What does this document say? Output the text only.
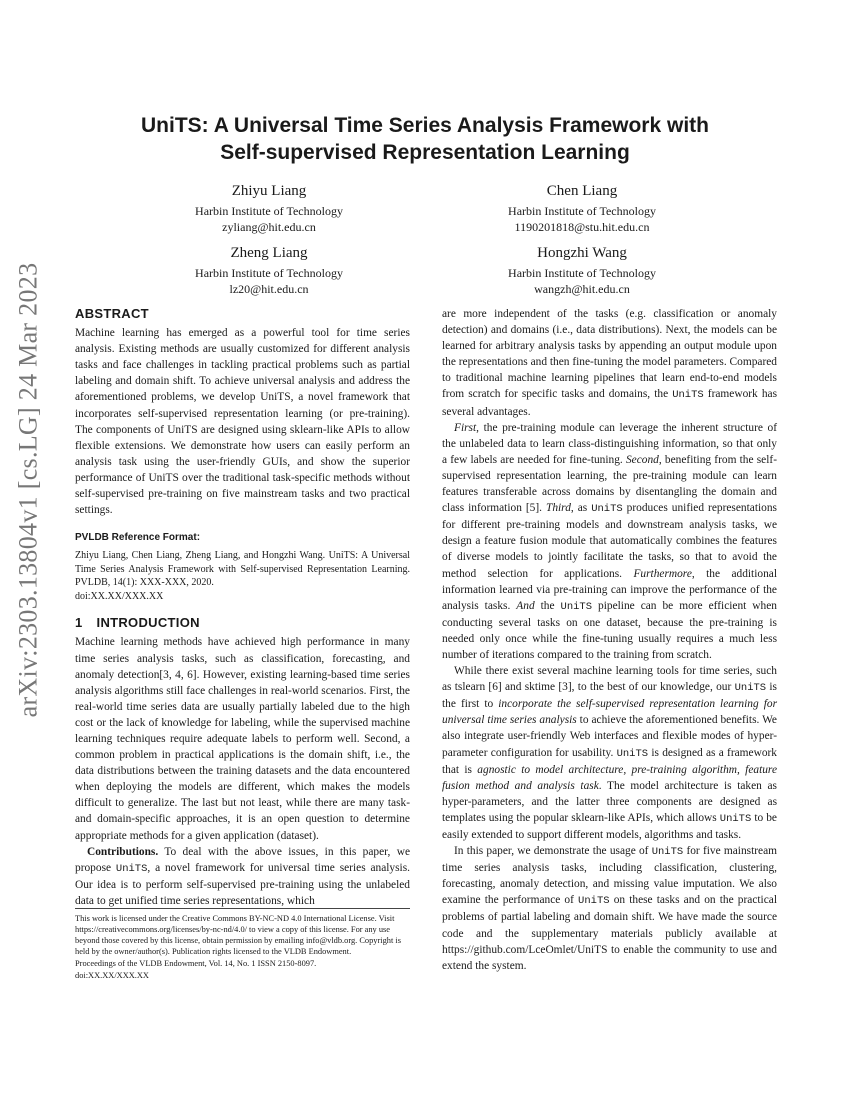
arXiv:2303.13804v1 [cs.LG] 24 Mar 2023
UniTS: A Universal Time Series Analysis Framework with
Self-supervised Representation Learning
Zhiyu Liang
Harbin Institute of Technology
zyliang@hit.edu.cn
Chen Liang
Harbin Institute of Technology
1190201818@stu.hit.edu.cn
Zheng Liang
Harbin Institute of Technology
lz20@hit.edu.cn
Hongzhi Wang
Harbin Institute of Technology
wangzh@hit.edu.cn
ABSTRACT

Machine learning has emerged as a powerful tool for time series analysis. Existing methods are usually customized for different analysis tasks and face challenges in tackling practical problems such as partial labeling and domain shift. To achieve universal analysis and address the aforementioned problems, we develop UniTS, a novel framework that incorporates self-supervised representation learning (or pre-training). The components of UniTS are designed using sklearn-like APIs to allow flexible extensions. We demonstrate how users can easily perform an analysis task using the user-friendly GUIs, and show the superior performance of UniTS over the traditional task-specific methods without self-supervised pre-training on five mainstream tasks and two practical settings.

PVLDB Reference Format:

Zhiyu Liang, Chen Liang, Zheng Liang, and Hongzhi Wang. UniTS: A Universal Time Series Analysis Framework with Self-supervised Representation Learning. PVLDB, 14(1): XXX-XXX, 2020.

doi:XX.XX/XXX.XX

1 INTRODUCTION

Machine learning methods have achieved high performance in many time series analysis tasks, such as classification, forecasting, and anomaly detection[3, 4, 6]. However, existing learning-based time series analysis algorithms still face challenges in real-world scenarios. First, the real-world time series data are usually partially labeled due to the high cost or the lack of knowledge for labeling, while the supervised machine learning techniques require adequate labels to perform well. Second, a common problem in practical applications is the domain shift, i.e., the data distributions between the training datasets and the data encountered when deploying the models are different, which makes the models difficult to generalize. The last but not least, while there are many task- and domain-specific approaches, it is an open question to determine appropriate methods for a given application (dataset).

Contributions. To deal with the above issues, in this paper, we propose UniTS, a novel framework for universal time series analysis. Our idea is to perform self-supervised pre-training using the unlabeled data to get unified time series representations, which

This work is licensed under the Creative Commons BY-NC-ND 4.0 International License. Visit https://creativecommons.org/licenses/by-nc-nd/4.0/ to view a copy of this license. For any use beyond those covered by this license, obtain permission by emailing info@vldb.org. Copyright is held by the owner/author(s). Publication rights licensed to the VLDB Endowment.

Proceedings of the VLDB Endowment, Vol. 14, No. 1 ISSN 2150-8097.

doi:XX.XX/XXX.XX

are more independent of the tasks (e.g. classification or anomaly detection) and domains (i.e., data distributions). Next, the models can be learned for arbitrary analysis tasks by appending an output module upon the representations and then fine-tuning the model parameters. Compared to traditional machine learning pipelines that learn end-to-end models from scratch for specific tasks and domains, the UniTS framework has several advantages.

First, the pre-training module can leverage the inherent structure of the unlabeled data to learn class-distinguishing information, so that only a few labels are needed for fine-tuning. Second, benefiting from the self-supervised representation learning, the pre-training module can learn features transferable across domains by disentangling the domain and class information [5]. Third, as UniTS produces unified representations for different pre-training models and downstream analysis tasks, we design a feature fusion module that automatically combines the features of diverse models to jointly facilitate the tasks, so that to avoid the method selection for applications. Furthermore, the additional information learned via pre-training can improve the performance of the analysis tasks. And the UniTS pipeline can be more efficient when conducting several tasks on one dataset, because the pre-training is needed only once while the fine-tuning usually requires a much less number of iterations compared to the training from scratch.

While there exist several machine learning tools for time series, such as tslearn [6] and sktime [3], to the best of our knowledge, our UniTS is the first to incorporate the self-supervised representation learning for universal time series analysis to achieve the aforementioned benefits. We also integrate user-friendly Web interfaces and flexible modes of hyper-parameter configuration for usability. UniTS is designed as a framework that is agnostic to model architecture, pre-training algorithm, feature fusion method and analysis task. The model architecture is taken as hyper-parameters, and the latter three components are designed as templates using the popular sklearn-like APIs, which allows UniTS to be easily extended to support different models, algorithms and tasks.

In this paper, we demonstrate the usage of UniTS for five mainstream time series analysis tasks, including classification, clustering, forecasting, anomaly detection, and missing value imputation. We also examine the performance of UniTS on these tasks and on the practical problems of partial labeling and domain shift. We have made the source code and the supplementary materials publicly available at https://github.com/LceOmlet/UniTS to enable the community to use and extend the system.
